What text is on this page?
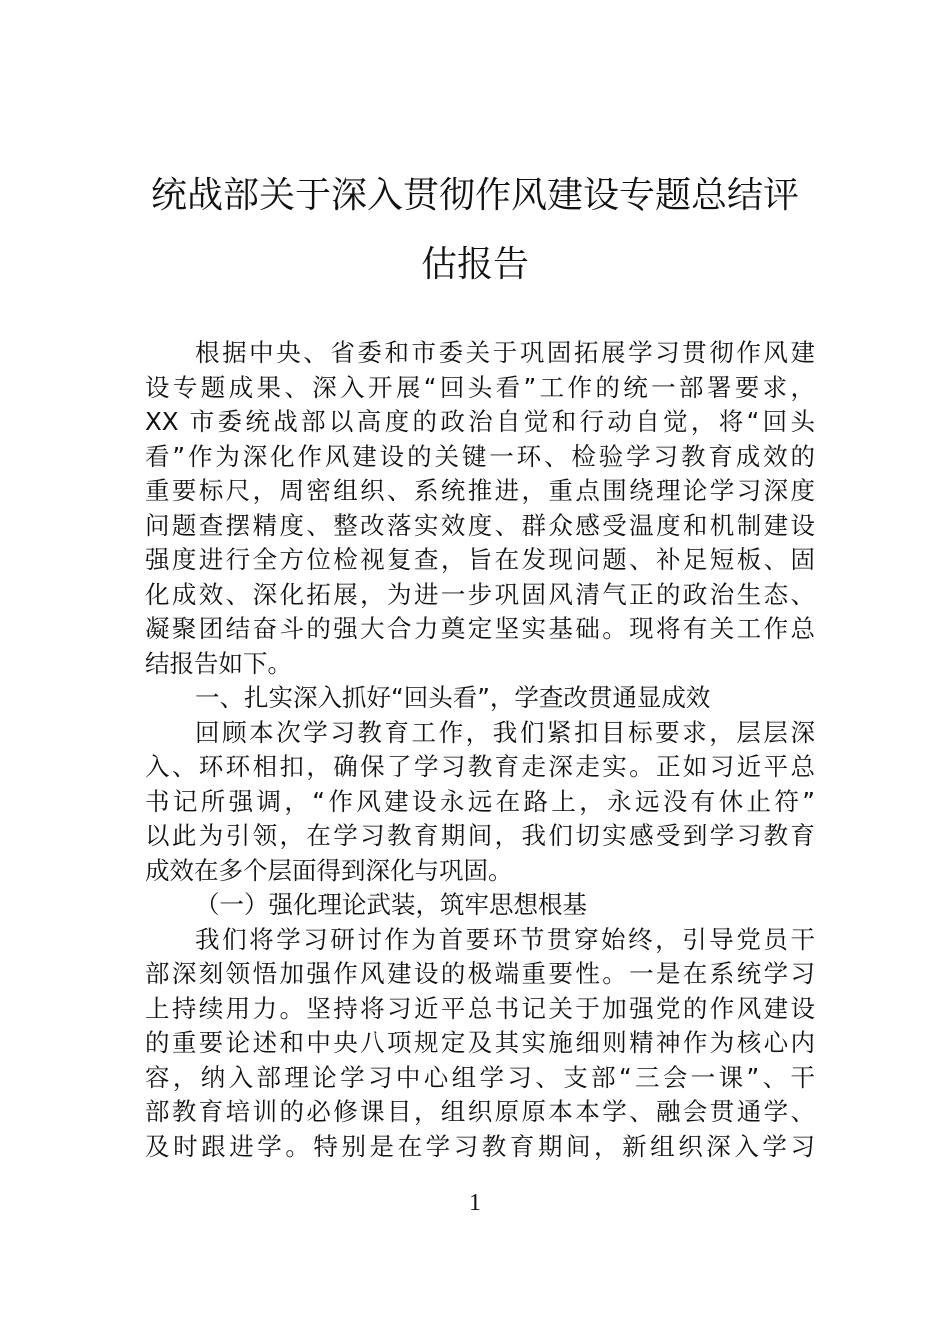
统战部关于深入贯彻作风建设专题总结评
估报告
根据中央、省委和市委关于巩固拓展学习贯彻作风建
设专题成果、深入开展“回头看”工作的统一部署要求，
XX 市委统战部以高度的政治自觉和行动自觉，将“回头
看”作为深化作风建设的关键一环、检验学习教育成效的
重要标尺，周密组织、系统推进，重点围绕理论学习深度
问题查摆精度、整改落实效度、群众感受温度和机制建设
强度进行全方位检视复查，旨在发现问题、补足短板、固
化成效、深化拓展，为进一步巩固风清气正的政治生态、
凝聚团结奋斗的强大合力奠定坚实基础。现将有关工作总
结报告如下。
一、扎实深入抓好“回头看”，学查改贯通显成效
回顾本次学习教育工作，我们紧扣目标要求，层层深
入、环环相扣，确保了学习教育走深走实。正如习近平总
书记所强调，“作风建设永远在路上，永远没有休止符”
以此为引领，在学习教育期间，我们切实感受到学习教育
成效在多个层面得到深化与巩固。
（一）强化理论武装，筑牢思想根基
我们将学习研讨作为首要环节贯穿始终，引导党员干
部深刻领悟加强作风建设的极端重要性。一是在系统学习
上持续用力。坚持将习近平总书记关于加强党的作风建设
的重要论述和中央八项规定及其实施细则精神作为核心内
容，纳入部理论学习中心组学习、支部“三会一课”、干
部教育培训的必修课目，组织原原本本学、融会贯通学、
及时跟进学。特别是在学习教育期间，新组织深入学习
1
